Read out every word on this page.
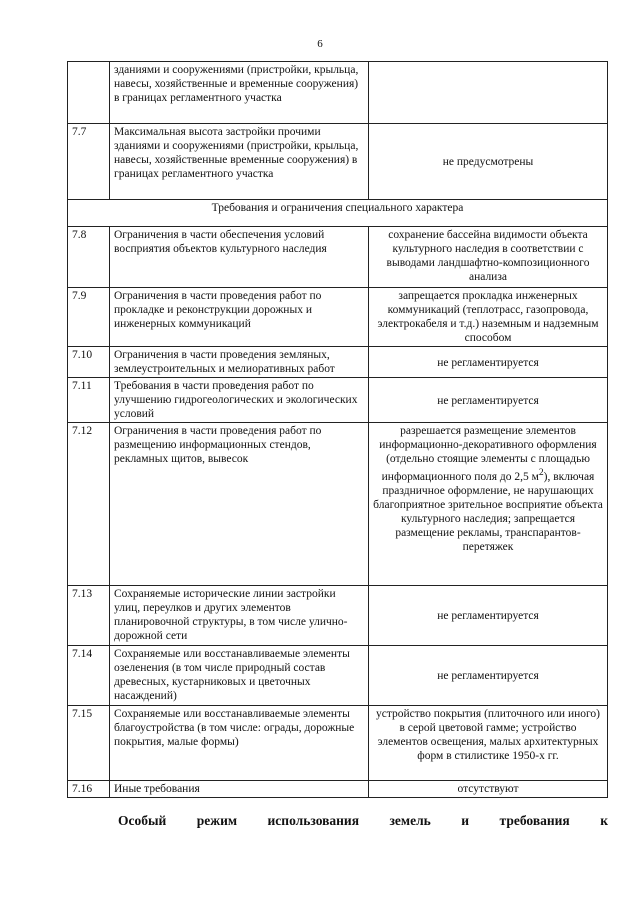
6
	зданиями и сооружениями (пристройки, крыльца, навесы, хозяйственные и временные сооружения) в границах регламентного участка	
7.7	Максимальная высота застройки прочими зданиями и сооружениями (пристройки, крыльца, навесы, хозяйственные временные сооружения) в границах регламентного участка	не предусмотрены
Требования и ограничения специального характера		
7.8	Ограничения в части обеспечения условий восприятия объектов культурного наследия	сохранение бассейна видимости объекта культурного наследия в соответствии с выводами ландшафтно-композиционного анализа
7.9	Ограничения в части проведения работ по прокладке и реконструкции дорожных и инженерных коммуникаций	запрещается прокладка инженерных коммуникаций (теплотрасс, газопровода, электрокабеля и т.д.) наземным и надземным способом
7.10	Ограничения в части проведения земляных, землеустроительных и мелиоративных работ	не регламентируется
7.11	Требования в части проведения работ по улучшению гидрогеологических и экологических условий	не регламентируется
7.12	Ограничения в части проведения работ по размещению информационных стендов, рекламных щитов, вывесок	разрешается размещение элементов информационно-декоративного оформления (отдельно стоящие элементы с площадью информационного поля до 2,5 $м^2$), включая праздничное оформление, не нарушающих благоприятное зрительное восприятие объекта культурного наследия; запрещается размещение рекламы, транспарантов-перетяжек
7.13	Сохраняемые исторические линии застройки улиц, переулков и других элементов планировочной структуры, в том числе улично-дорожной сети	не регламентируется
7.14	Сохраняемые или восстанавливаемые элементы озеленения (в том числе природный состав древесных, кустарниковых и цветочных насаждений)	не регламентируется
7.15	Сохраняемые или восстанавливаемые элементы благоустройства (в том числе: ограды, дорожные покрытия, малые формы)	устройство покрытия (плиточного или иного) в серой цветовой гамме; устройство элементов освещения, малых архитектурных форм в стилистике 1950-х гг.
7.16	Иные требования	отсутствуют
Особый режим использования земель и требования к
